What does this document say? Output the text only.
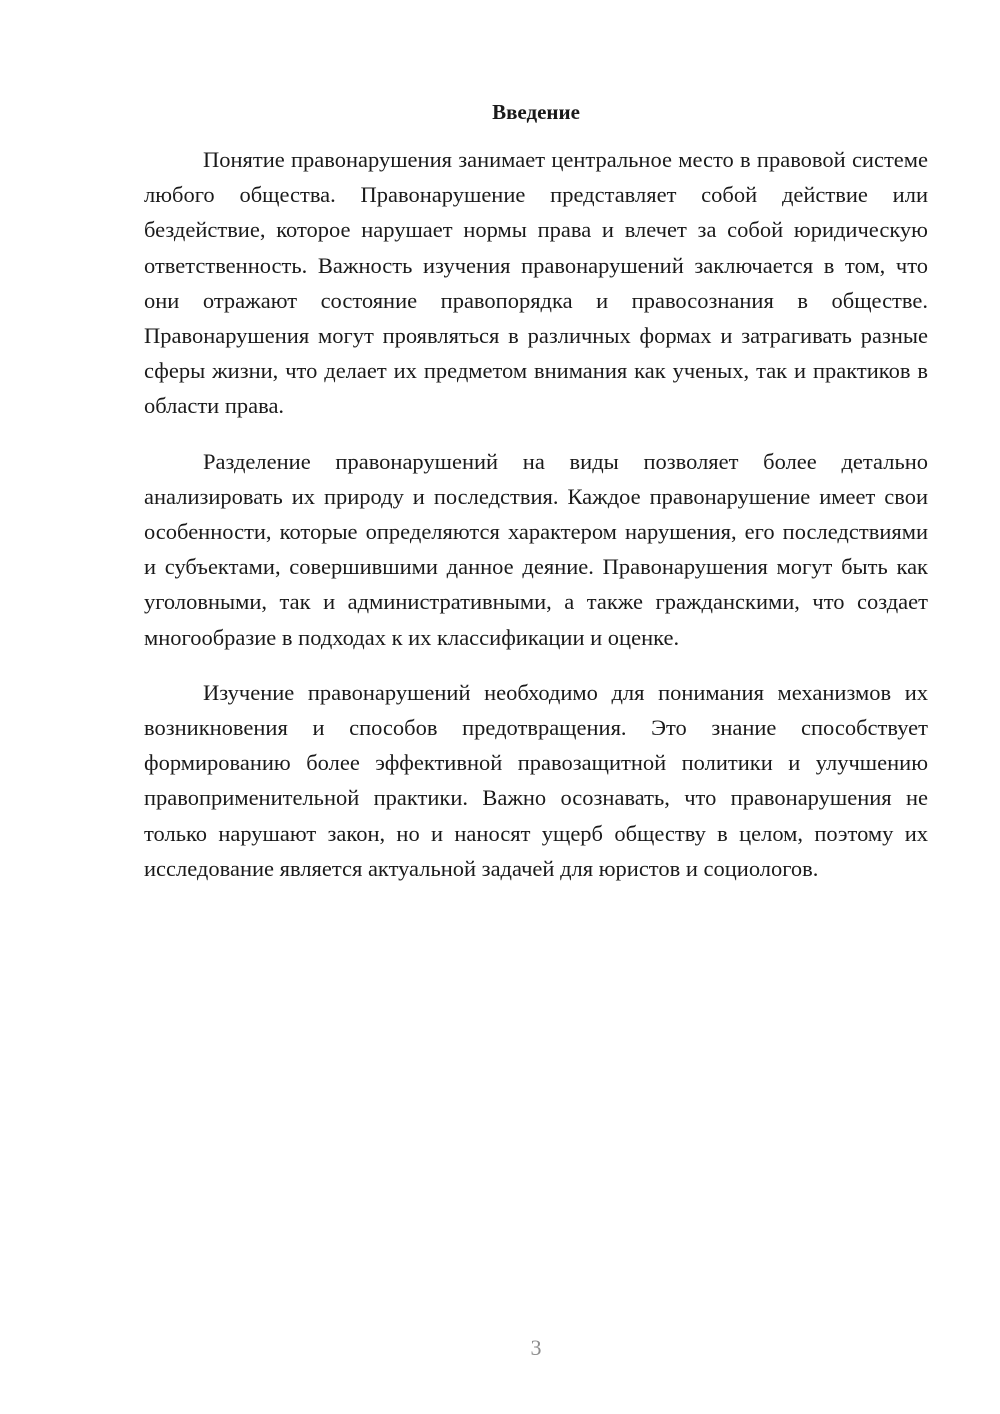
Введение

Понятие правонарушения занимает центральное место в правовой системе любого общества. Правонарушение представляет собой действие или бездействие, которое нарушает нормы права и влечет за собой юридическую ответственность. Важность изучения правонарушений заключается в том, что они отражают состояние правопорядка и правосознания в обществе. Правонарушения могут проявляться в различных формах и затрагивать разные сферы жизни, что делает их предметом внимания как ученых, так и практиков в области права.

Разделение правонарушений на виды позволяет более детально анализировать их природу и последствия. Каждое правонарушение имеет свои особенности, которые определяются характером нарушения, его последствиями и субъектами, совершившими данное деяние. Правонарушения могут быть как уголовными, так и административными, а также гражданскими, что создает многообразие в подходах к их классификации и оценке.

Изучение правонарушений необходимо для понимания механизмов их возникновения и способов предотвращения. Это знание способствует формированию более эффективной правозащитной политики и улучшению правоприменительной практики. Важно осознавать, что правонарушения не только нарушают закон, но и наносят ущерб обществу в целом, поэтому их исследование является актуальной задачей для юристов и социологов.

3
